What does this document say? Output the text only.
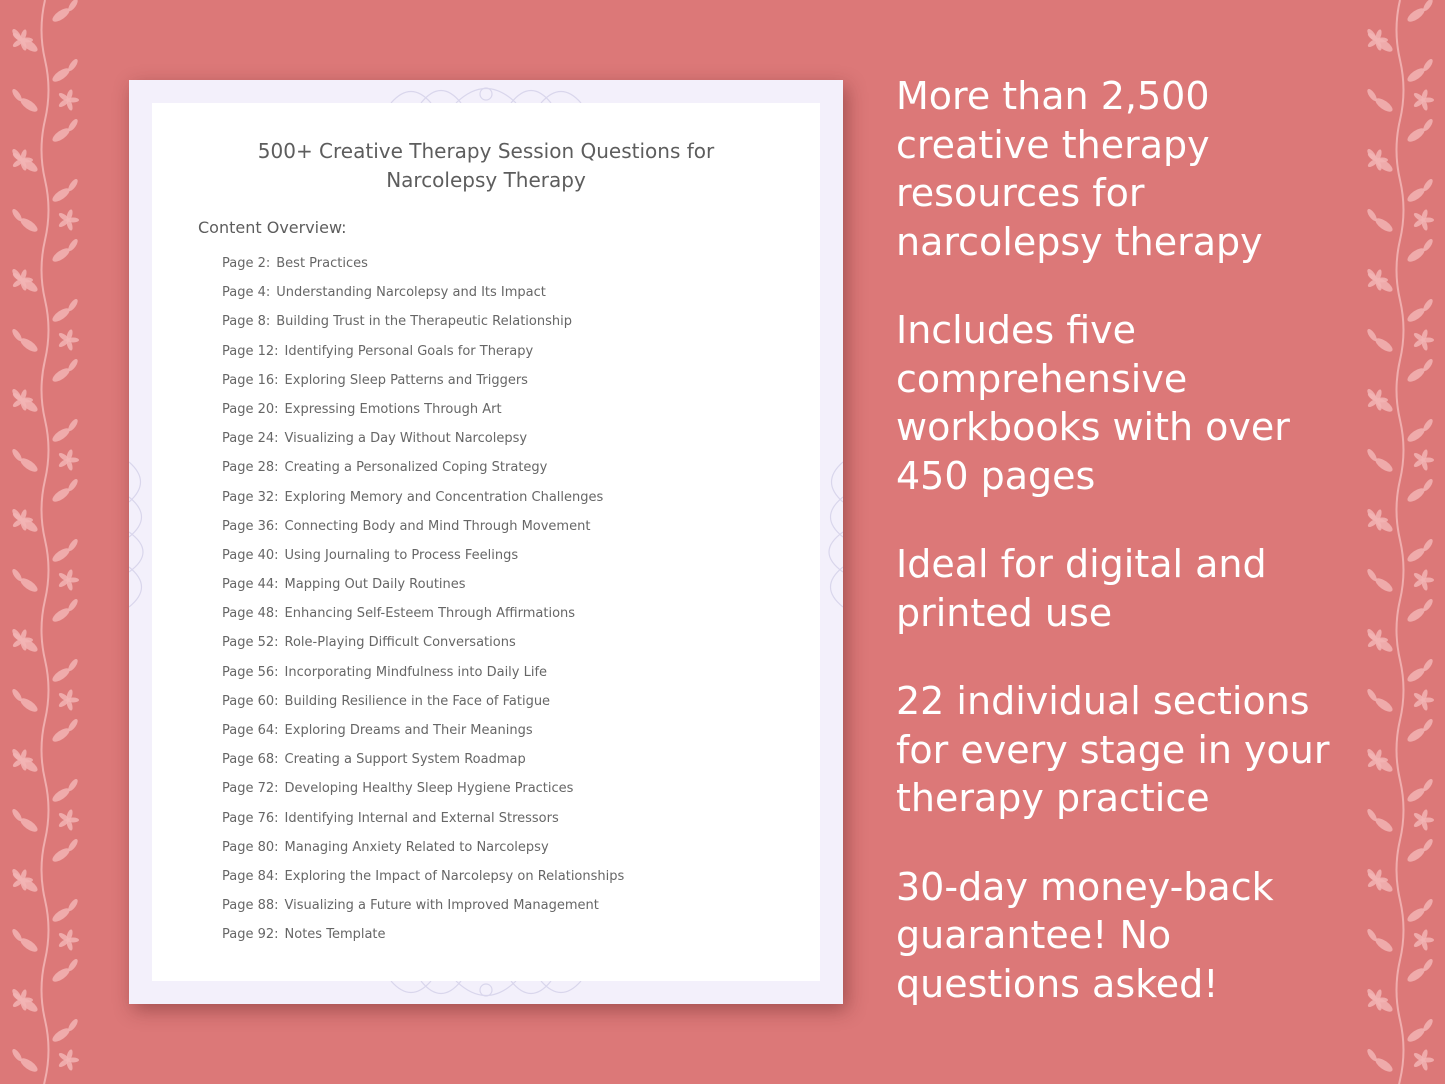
500+ Creative Therapy Session Questions for
Narcolepsy Therapy
Content Overview:
Page 2: Best Practices
Page 4: Understanding Narcolepsy and Its Impact
Page 8: Building Trust in the Therapeutic Relationship
Page 12: Identifying Personal Goals for Therapy
Page 16: Exploring Sleep Patterns and Triggers
Page 20: Expressing Emotions Through Art
Page 24: Visualizing a Day Without Narcolepsy
Page 28: Creating a Personalized Coping Strategy
Page 32: Exploring Memory and Concentration Challenges
Page 36: Connecting Body and Mind Through Movement
Page 40: Using Journaling to Process Feelings
Page 44: Mapping Out Daily Routines
Page 48: Enhancing Self-Esteem Through Affirmations
Page 52: Role-Playing Difficult Conversations
Page 56: Incorporating Mindfulness into Daily Life
Page 60: Building Resilience in the Face of Fatigue
Page 64: Exploring Dreams and Their Meanings
Page 68: Creating a Support System Roadmap
Page 72: Developing Healthy Sleep Hygiene Practices
Page 76: Identifying Internal and External Stressors
Page 80: Managing Anxiety Related to Narcolepsy
Page 84: Exploring the Impact of Narcolepsy on Relationships
Page 88: Visualizing a Future with Improved Management
Page 92: Notes Template

More than 2,500
creative therapy
resources for
narcolepsy therapy

Includes five
comprehensive
workbooks with over
450 pages

Ideal for digital and
printed use

22 individual sections
for every stage in your
therapy practice

30-day money-back
guarantee! No
questions asked!
